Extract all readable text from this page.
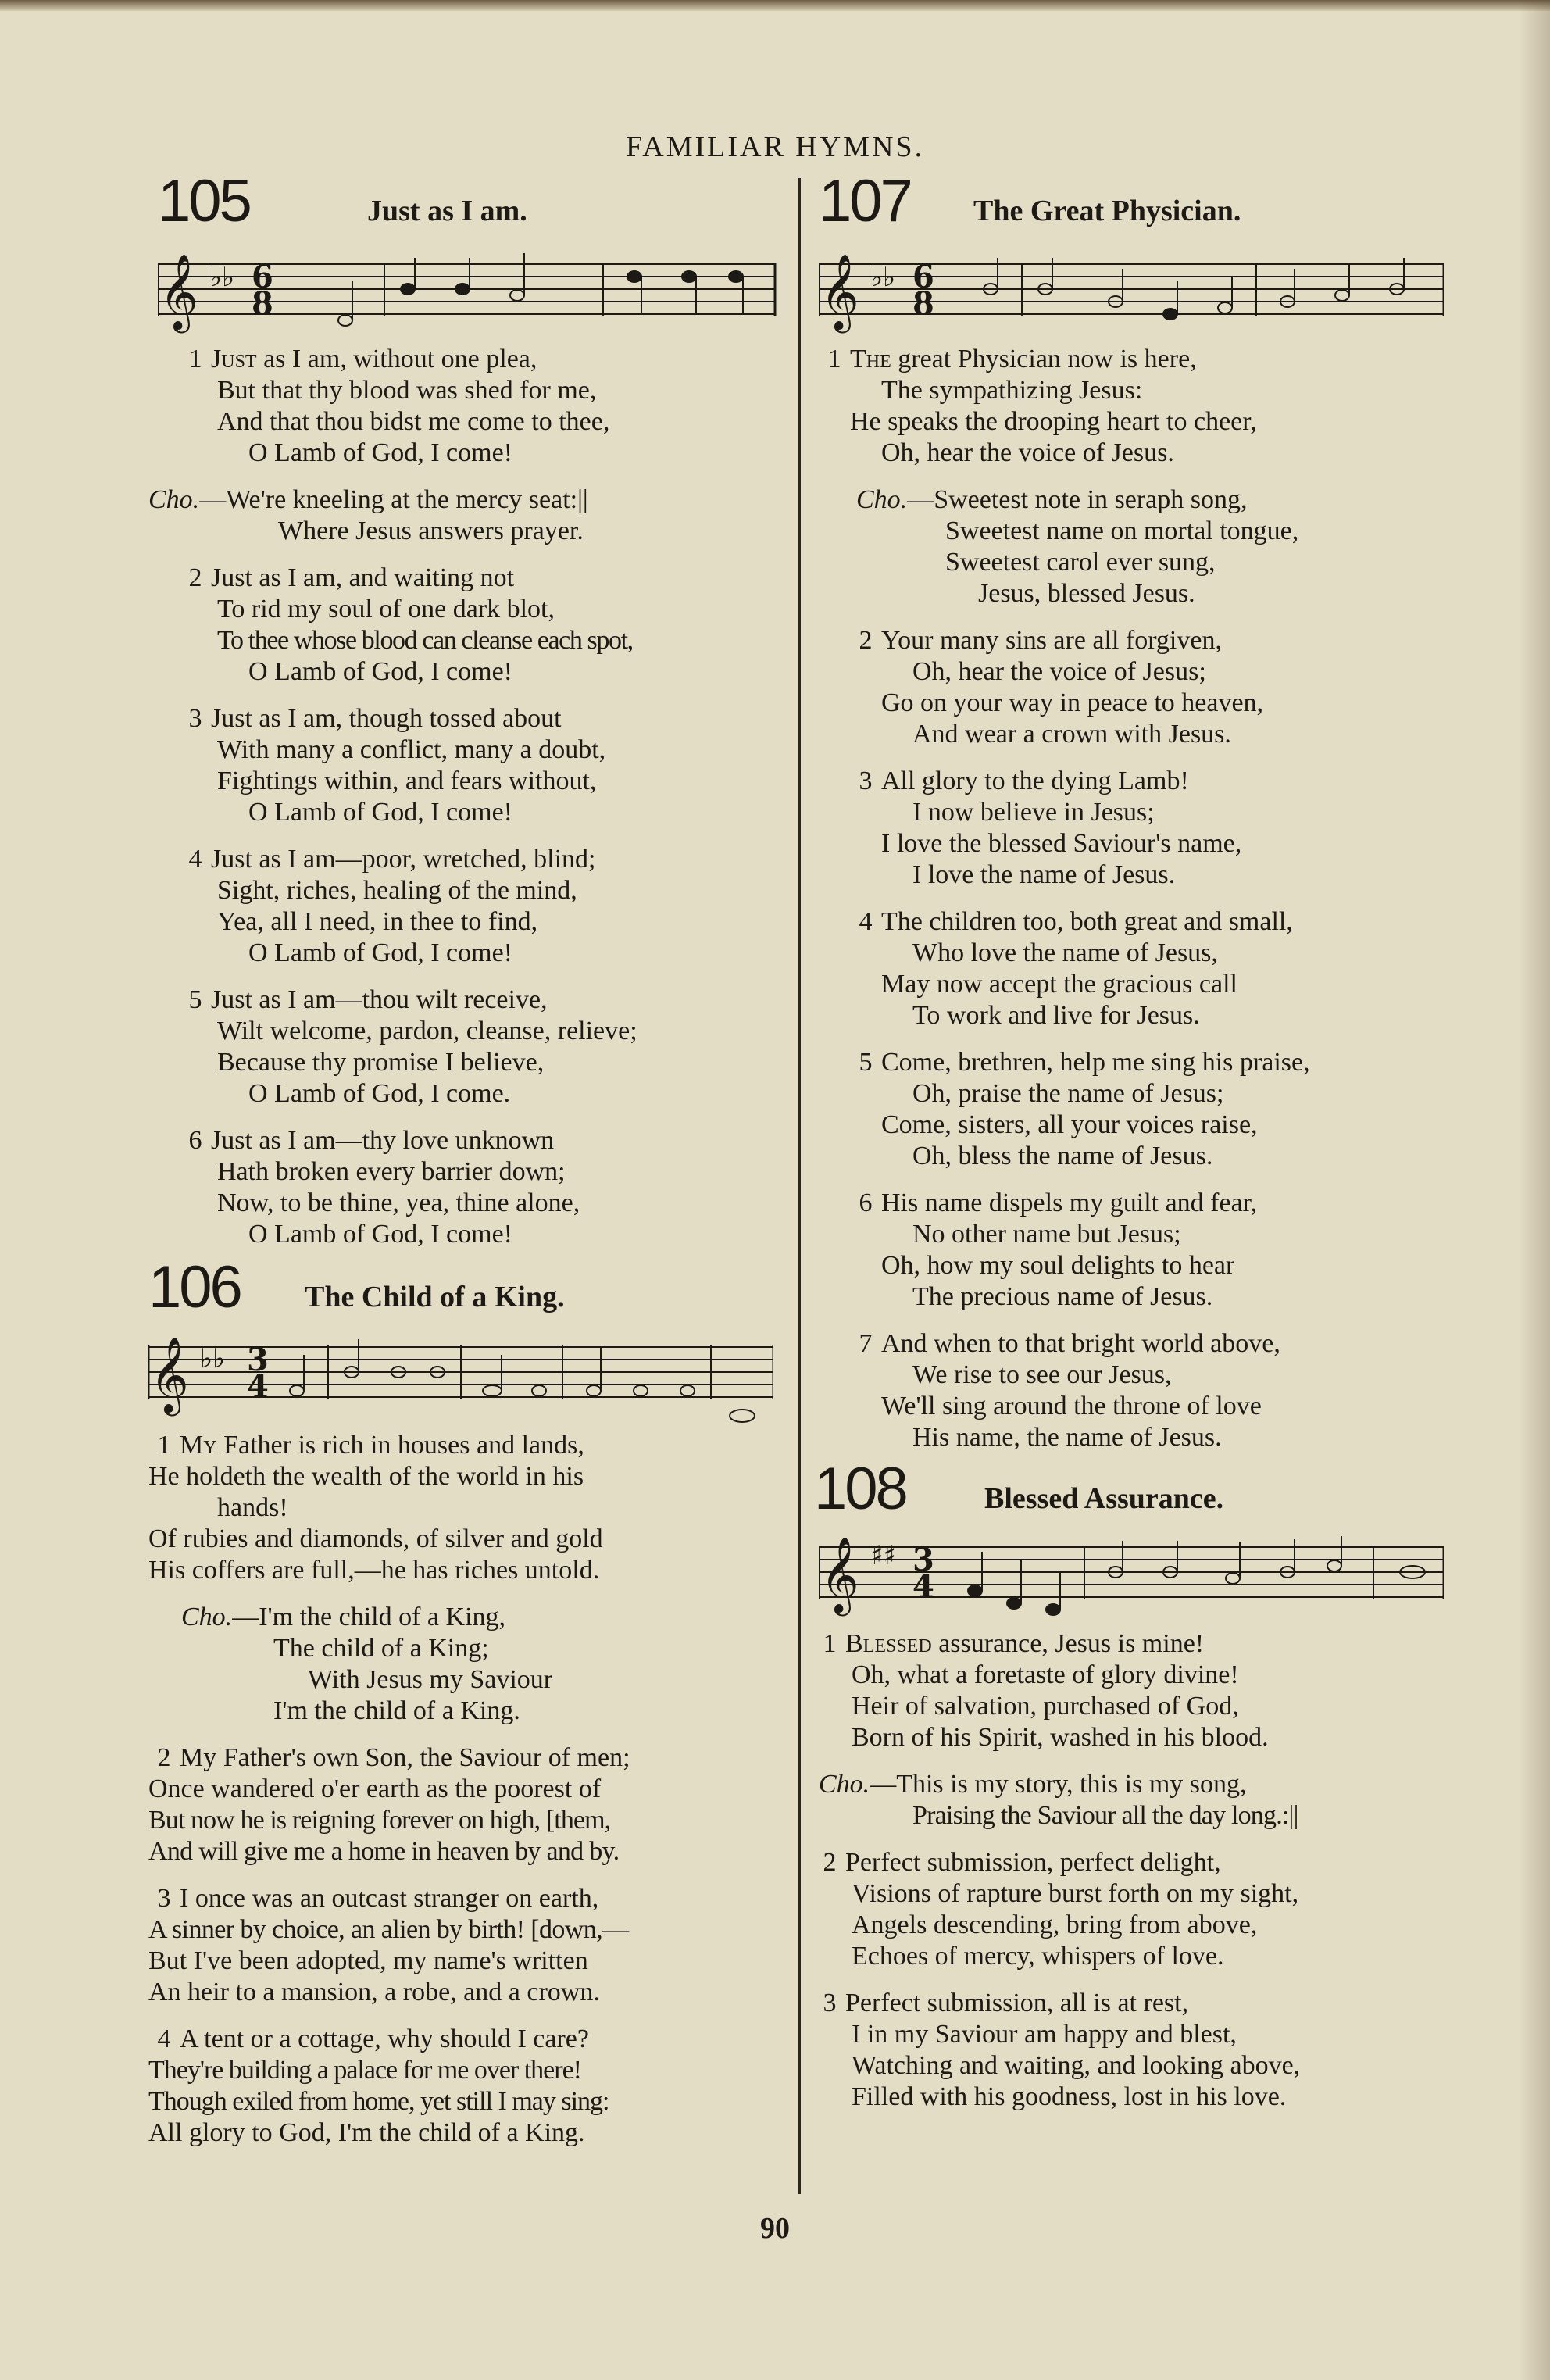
FAMILIAR HYMNS.
105	Just as I am.
𝄞 ♭♭ 6
8
1 Just as I am, without one plea,
But that thy blood was shed for me,
And that thou bidst me come to thee,
O Lamb of God, I come!
Cho.—We're kneeling at the mercy seat:||
Where Jesus answers prayer.
2 Just as I am, and waiting not
To rid my soul of one dark blot,
To thee whose blood can cleanse each spot,
O Lamb of God, I come!
3 Just as I am, though tossed about
With many a conflict, many a doubt,
Fightings within, and fears without,
O Lamb of God, I come!
4 Just as I am—poor, wretched, blind;
Sight, riches, healing of the mind,
Yea, all I need, in thee to find,
O Lamb of God, I come!
5 Just as I am—thou wilt receive,
Wilt welcome, pardon, cleanse, relieve;
Because thy promise I believe,
O Lamb of God, I come.
6 Just as I am—thy love unknown
Hath broken every barrier down;
Now, to be thine, yea, thine alone,
O Lamb of God, I come!
106 The Child of a King.
𝄞 ♭♭ 3
4
1 My Father is rich in houses and lands,
He holdeth the wealth of the world in his
hands!
Of rubies and diamonds, of silver and gold
His coffers are full,—he has riches untold.
Cho.—I'm the child of a King,
The child of a King;
With Jesus my Saviour
I'm the child of a King.
2 My Father's own Son, the Saviour of men;
Once wandered o'er earth as the poorest of
But now he is reigning forever on high, [them,
And will give me a home in heaven by and by.
3 I once was an outcast stranger on earth,
A sinner by choice, an alien by birth! [down,—
But I've been adopted, my name's written
An heir to a mansion, a robe, and a crown.
4 A tent or a cottage, why should I care?
They're building a palace for me over there!
Though exiled from home, yet still I may sing:
All glory to God, I'm the child of a King.
107 The Great Physician.
𝄞 ♭♭ 6
8
1 The great Physician now is here,
The sympathizing Jesus:
He speaks the drooping heart to cheer,
Oh, hear the voice of Jesus.
Cho.—Sweetest note in seraph song,
Sweetest name on mortal tongue,
Sweetest carol ever sung,
Jesus, blessed Jesus.
2 Your many sins are all forgiven,
Oh, hear the voice of Jesus;
Go on your way in peace to heaven,
And wear a crown with Jesus.
3 All glory to the dying Lamb!
I now believe in Jesus;
I love the blessed Saviour's name,
I love the name of Jesus.
4 The children too, both great and small,
Who love the name of Jesus,
May now accept the gracious call
To work and live for Jesus.
5 Come, brethren, help me sing his praise,
Oh, praise the name of Jesus;
Come, sisters, all your voices raise,
Oh, bless the name of Jesus.
6 His name dispels my guilt and fear,
No other name but Jesus;
Oh, how my soul delights to hear
The precious name of Jesus.
7 And when to that bright world above,
We rise to see our Jesus,
We'll sing around the throne of love
His name, the name of Jesus.
108	Blessed Assurance.
𝄞 ♯♯ 3
4
1 Blessed assurance, Jesus is mine!
Oh, what a foretaste of glory divine!
Heir of salvation, purchased of God,
Born of his Spirit, washed in his blood.
Cho.—This is my story, this is my song,
Praising the Saviour all the day long.:||
2 Perfect submission, perfect delight,
Visions of rapture burst forth on my sight,
Angels descending, bring from above,
Echoes of mercy, whispers of love.
3 Perfect submission, all is at rest,
I in my Saviour am happy and blest,
Watching and waiting, and looking above,
Filled with his goodness, lost in his love.
90
